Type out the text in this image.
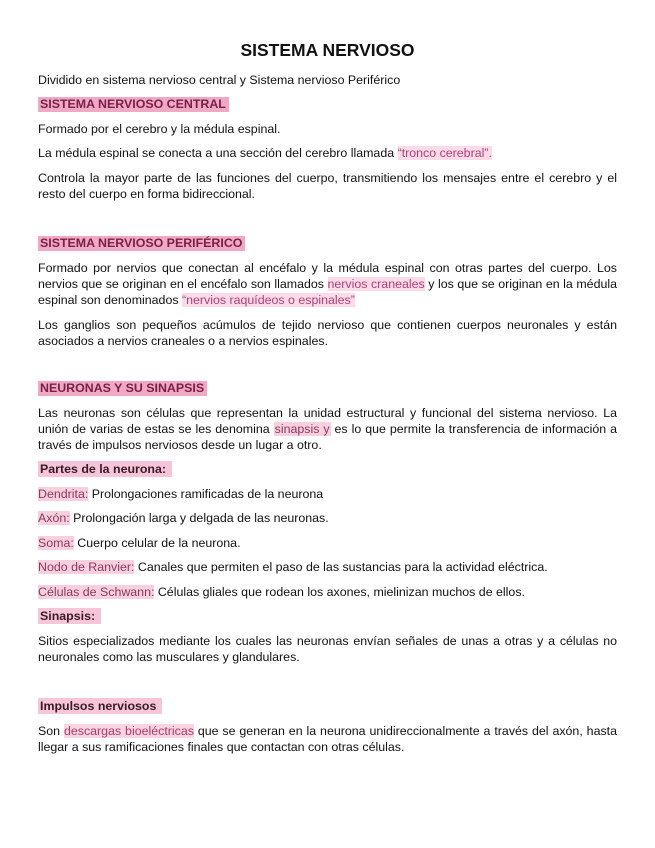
SISTEMA NERVIOSO

Dividido en sistema nervioso central y Sistema nervioso Periférico

SISTEMA NERVIOSO CENTRAL

Formado por el cerebro y la médula espinal.

La médula espinal se conecta a una sección del cerebro llamada “tronco cerebral”.

Controla la mayor parte de las funciones del cuerpo, transmitiendo los mensajes entre el cerebro y el resto del cuerpo en forma bidireccional.

SISTEMA NERVIOSO PERIFÉRICO

Formado por nervios que conectan al encéfalo y la médula espinal con otras partes del cuerpo. Los nervios que se originan en el encéfalo son llamados nervios craneales y los que se originan en la médula espinal son denominados “nervios raquídeos o espinales”

Los ganglios son pequeños acúmulos de tejido nervioso que contienen cuerpos neuronales y están asociados a nervios craneales o a nervios espinales.

NEURONAS Y SU SINAPSIS

Las neuronas son células que representan la unidad estructural y funcional del sistema nervioso. La unión de varias de estas se les denomina sinapsis y es lo que permite la transferencia de información a través de impulsos nerviosos desde un lugar a otro.

Partes de la neurona:

Dendrita: Prolongaciones ramificadas de la neurona

Axón: Prolongación larga y delgada de las neuronas.

Soma: Cuerpo celular de la neurona.

Nodo de Ranvier: Canales que permiten el paso de las sustancias para la actividad eléctrica.

Células de Schwann: Células gliales que rodean los axones, mielinizan muchos de ellos.

Sinapsis:

Sitios especializados mediante los cuales las neuronas envían señales de unas a otras y a células no neuronales como las musculares y glandulares.

Impulsos nerviosos

Son descargas bioeléctricas que se generan en la neurona unidireccionalmente a través del axón, hasta llegar a sus ramificaciones finales que contactan con otras células.
